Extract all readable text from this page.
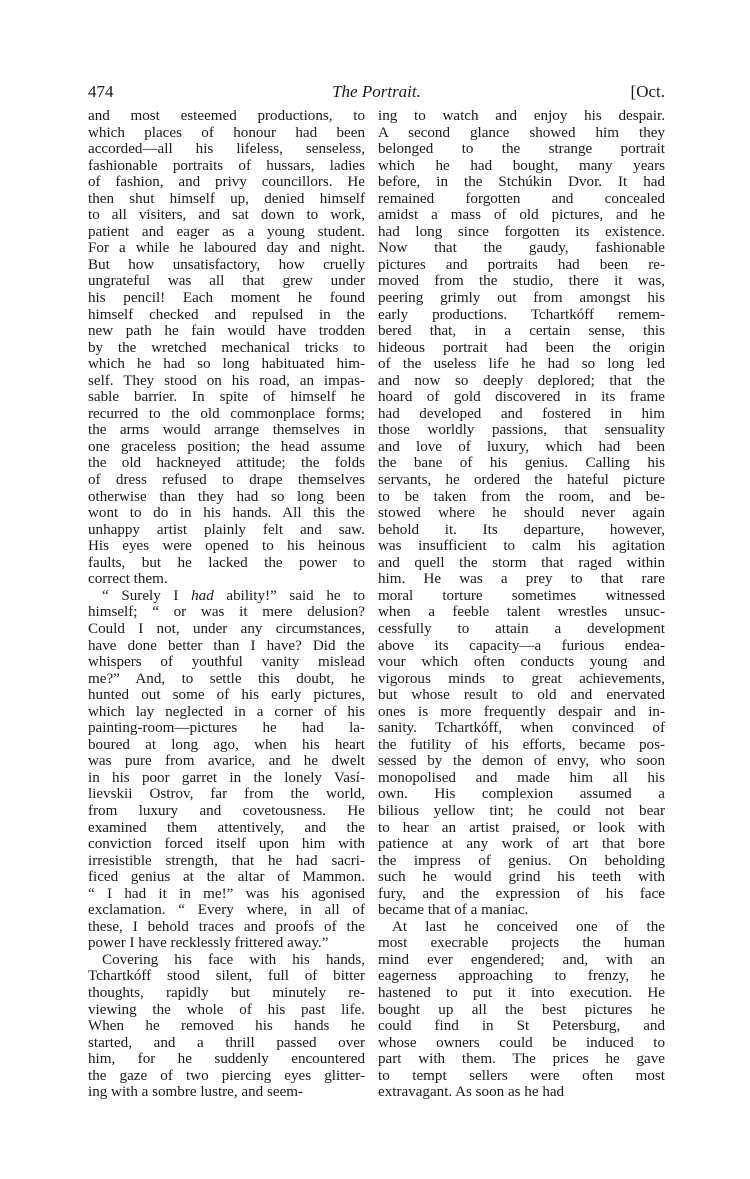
474	The Portrait.	[Oct.
and most esteemed productions, to
which places of honour had been
accorded—all his lifeless, senseless,
fashionable portraits of hussars, ladies
of fashion, and privy councillors. He
then shut himself up, denied himself
to all visiters, and sat down to work,
patient and eager as a young student.
For a while he laboured day and night.
But how unsatisfactory, how cruelly
ungrateful was all that grew under
his pencil! Each moment he found
himself checked and repulsed in the
new path he fain would have trodden
by the wretched mechanical tricks to
which he had so long habituated him-
self. They stood on his road, an impas-
sable barrier. In spite of himself he
recurred to the old commonplace forms;
the arms would arrange themselves in
one graceless position; the head assume
the old hackneyed attitude; the folds
of dress refused to drape themselves
otherwise than they had so long been
wont to do in his hands. All this the
unhappy artist plainly felt and saw.
His eyes were opened to his heinous
faults, but he lacked the power to
correct them.
“ Surely I had ability!” said he to
himself; “ or was it mere delusion?
Could I not, under any circumstances,
have done better than I have? Did the
whispers of youthful vanity mislead
me?” And, to settle this doubt, he
hunted out some of his early pictures,
which lay neglected in a corner of his
painting-room—pictures he had la-
boured at long ago, when his heart
was pure from avarice, and he dwelt
in his poor garret in the lonely Vasí-
lievskii Ostrov, far from the world,
from luxury and covetousness. He
examined them attentively, and the
conviction forced itself upon him with
irresistible strength, that he had sacri-
ficed genius at the altar of Mammon.
“ I had it in me!” was his agonised
exclamation. “ Every where, in all of
these, I behold traces and proofs of the
power I have recklessly frittered away.”
Covering his face with his hands,
Tchartkóff stood silent, full of bitter
thoughts, rapidly but minutely re-
viewing the whole of his past life.
When he removed his hands he
started, and a thrill passed over
him, for he suddenly encountered
the gaze of two piercing eyes glitter-
ing with a sombre lustre, and seem-
ing to watch and enjoy his despair.
A second glance showed him they
belonged to the strange portrait
which he had bought, many years
before, in the Stchúkin Dvor. It had
remained forgotten and concealed
amidst a mass of old pictures, and he
had long since forgotten its existence.
Now that the gaudy, fashionable
pictures and portraits had been re-
moved from the studio, there it was,
peering grimly out from amongst his
early productions. Tchartkóff remem-
bered that, in a certain sense, this
hideous portrait had been the origin
of the useless life he had so long led
and now so deeply deplored; that the
hoard of gold discovered in its frame
had developed and fostered in him
those worldly passions, that sensuality
and love of luxury, which had been
the bane of his genius. Calling his
servants, he ordered the hateful picture
to be taken from the room, and be-
stowed where he should never again
behold it. Its departure, however,
was insufficient to calm his agitation
and quell the storm that raged within
him. He was a prey to that rare
moral torture sometimes witnessed
when a feeble talent wrestles unsuc-
cessfully to attain a development
above its capacity—a furious endea-
vour which often conducts young and
vigorous minds to great achievements,
but whose result to old and enervated
ones is more frequently despair and in-
sanity. Tchartkóff, when convinced of
the futility of his efforts, became pos-
sessed by the demon of envy, who soon
monopolised and made him all his
own. His complexion assumed a
bilious yellow tint; he could not bear
to hear an artist praised, or look with
patience at any work of art that bore
the impress of genius. On beholding
such he would grind his teeth with
fury, and the expression of his face
became that of a maniac.
At last he conceived one of the
most execrable projects the human
mind ever engendered; and, with an
eagerness approaching to frenzy, he
hastened to put it into execution. He
bought up all the best pictures he
could find in St Petersburg, and
whose owners could be induced to
part with them. The prices he gave
to tempt sellers were often most
extravagant. As soon as he had
